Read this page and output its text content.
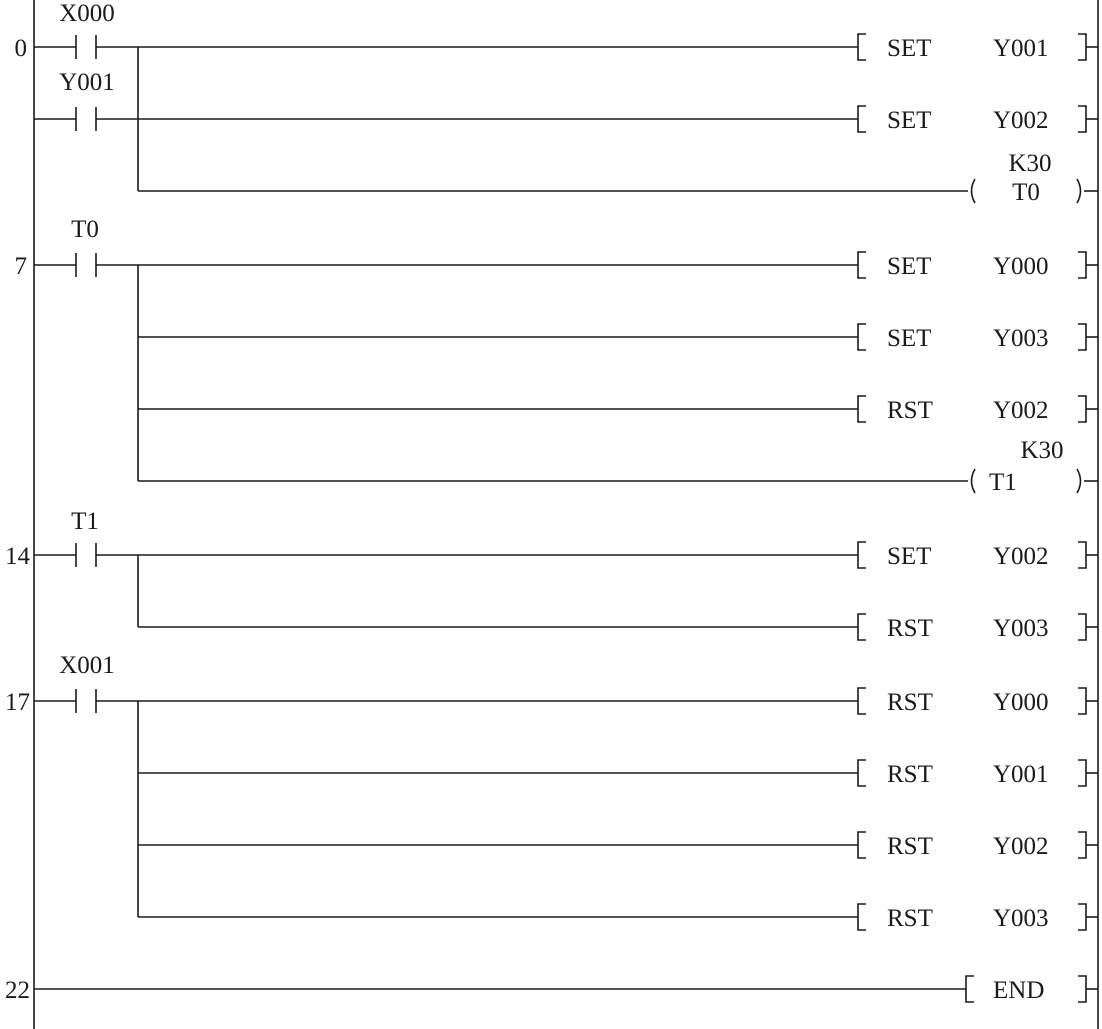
0
X000
Y001
SET Y001
SET Y002
K30
T0
7
T0
SET Y000
SET Y003
RST Y002
K30
T1
14
T1
SET Y002
RST Y003
17
X001
RST Y000
RST Y001
RST Y002
RST Y003
22	END
